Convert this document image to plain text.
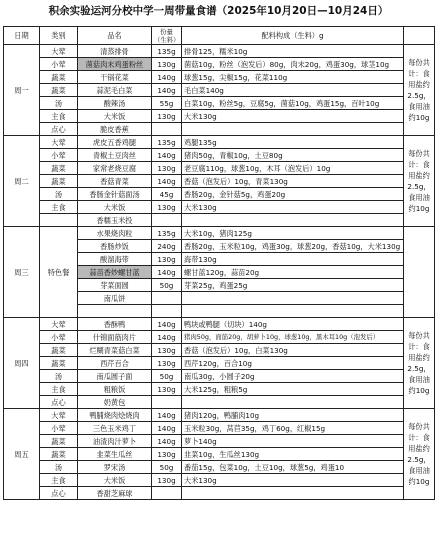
积余实验运河分校中学一周带量食谱（2025年10月20日—10月24日）
日期	类别	品名	份量（生料）	配料构成（生料）g	
周一	大荤	清蒸排骨	135g	排骨125，糯米10g	每份共计：食用盐约2.5g，食用油约10g
	小荤	菌菇肉末鸡蛋粉丝	130g	菌菇10g，粉丝（泡发后）80g，肉末20g，鸡蛋30g，球茎10g	
	蔬菜	干锅花菜	140g	球葱15g，尖椒15g，花菜110g	
	蔬菜	蒜泥毛白菜	140g	毛白菜140g	
	汤	酸辣汤	55g	白菜10g，粉丝5g，豆腐5g，菌菇10g，鸡蛋15g，百叶10g	
	主食	大米饭	130g	大米130g	
	点心	脆皮香蕉			
周二	大荤	虎皮五香鸡腿	135g	鸡腿135g	每份共计：食用盐约2.5g，食用油约10g
	小荤	青椒土豆肉丝	140g	猪肉50g，青椒10g，土豆80g	
	蔬菜	家常老烧豆腐	130g	老豆腐110g，球葱10g，木耳（泡发后）10g	
	蔬菜	香菇青菜	140g	香菇（泡发后）10g，青菜130g	
	汤	香肠金针菇面汤	45g	香肠20g，金针菇5g，鸡蛋20g	
	主食	大米饭	130g	大米130g	
		香糯玉米投			
周三	特色餐	水果烧肉粒	135g	大米10g，猪肉125g	
		香肠炒饭	240g	香肠20g，玉米粒10g，鸡蛋30g，球葱20g，香菇10g，大米130g	
		酸溜海带	130g	海带130g	
		蒜苗香炒螺甘蓝	140g	螺甘蓝120g，蒜苗20g	
		芽菜面圆	50g	芽菜25g，鸡蛋25g	
		南瓜饼			

周四	大荤	香酥鸭	140g	鸭块或鸭腿（切块）140g	每份共计：食用盐约2.5g，食用油约10g
	小荤	什锦面筋肉片	140g	猪肉50g，面筋20g，胡萝卜10g，球葱10g，黑木耳10g（泡发后）	
	蔬菜	烂糊青菜菇白菜	130g	香菇（泡发后）10g，白菜130g	
	蔬菜	西芹百合	130g	西芹120g，百合10g	
	汤	南瓜圆子面	50g	南瓜30g，小圆子20g	
	主食	粗粮饭	130g	大米125g，粗粮5g	
	点心	奶黄包			
周五	大荤	鸭脯烧肉烩烧肉	140g	猪肉120g，鸭脯肉10g	每份共计：食用盐约2.5g，食用油约10g
	小荤	三色玉米鸡丁	140g	玉米粒30g，莴苣35g，鸡丁60g，红椒15g	
	蔬菜	油渣肉汁萝卜	140g	萝卜140g	
	蔬菜	韭菜生瓜丝	130g	韭菜10g，生瓜丝130g	
	汤	罗宋汤	50g	番茄15g，包菜10g，土豆10g，球葱5g，鸡蛋10	
	主食	大米饭	130g	大米130g	
	点心	香甜芝麻球			
